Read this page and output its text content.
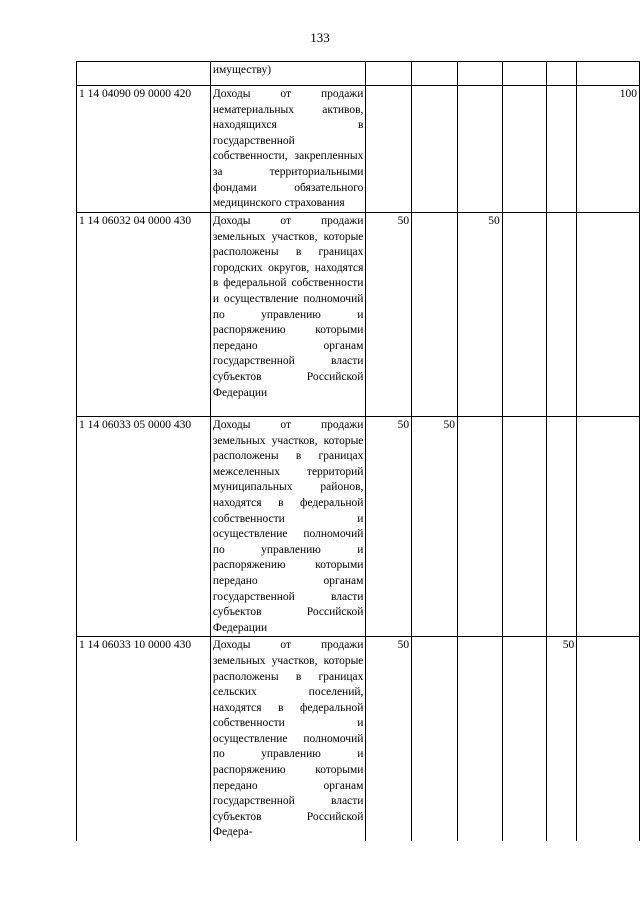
133
	имуществу)						
1 14 04090 09 0000 420	Доходы от продажи нематериальных активов, находящихся в государственной собственности, закрепленных за территориальными фондами обязательного медицинского страхования						100
1 14 06032 04 0000 430	Доходы от продажи земельных участков, которые расположены в границах городских округов, находятся в федеральной собственности и осуществление полномочий по управлению и распоряжению которыми передано органам государственной власти субъектов Российской Федерации	50		50			
1 14 06033 05 0000 430	Доходы от продажи земельных участков, которые расположены в границах межселенных территорий муниципальных районов, находятся в федеральной собственности и осуществление полномочий по управлению и распоряжению которыми передано органам государственной власти субъектов Российской Федерации	50	50				
1 14 06033 10 0000 430	Доходы от продажи земельных участков, которые расположены в границах сельских поселений, находятся в федеральной собственности и осуществление полномочий по управлению и распоряжению которыми передано органам государственной власти субъектов Российской Федера-	50				50	
